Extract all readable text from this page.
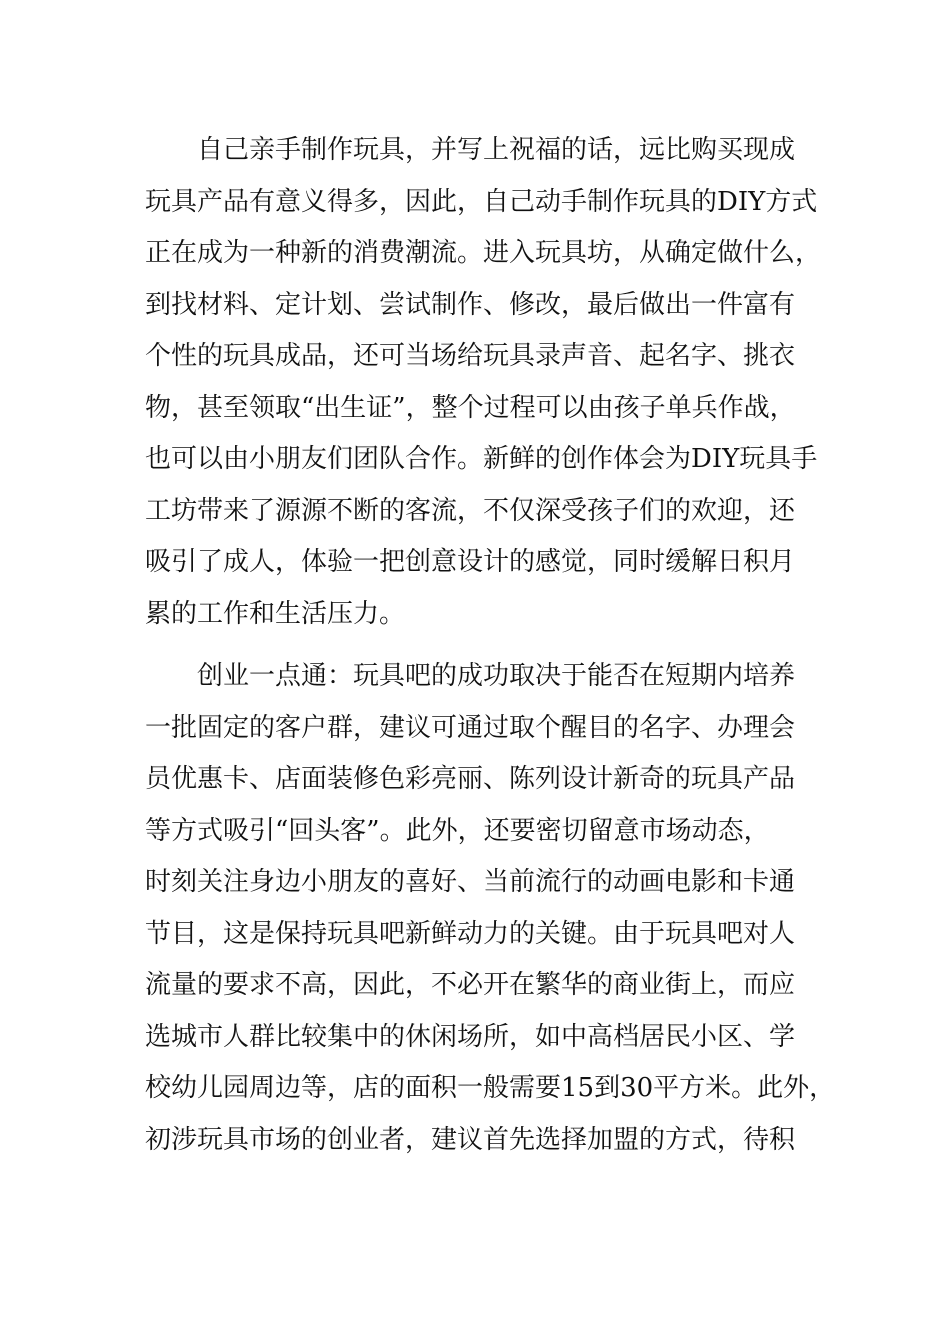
自己亲手制作玩具，并写上祝福的话，远比购买现成
玩具产品有意义得多，因此，自己动手制作玩具的DIY方式
正在成为一种新的消费潮流。进入玩具坊，从确定做什么，
到找材料、定计划、尝试制作、修改，最后做出一件富有
个性的玩具成品，还可当场给玩具录声音、起名字、挑衣
物，甚至领取“出生证”，整个过程可以由孩子单兵作战，
也可以由小朋友们团队合作。新鲜的创作体会为DIY玩具手
工坊带来了源源不断的客流，不仅深受孩子们的欢迎，还
吸引了成人，体验一把创意设计的感觉，同时缓解日积月
累的工作和生活压力。

创业一点通：玩具吧的成功取决于能否在短期内培养
一批固定的客户群，建议可通过取个醒目的名字、办理会
员优惠卡、店面装修色彩亮丽、陈列设计新奇的玩具产品
等方式吸引“回头客”。此外，还要密切留意市场动态，
时刻关注身边小朋友的喜好、当前流行的动画电影和卡通
节目，这是保持玩具吧新鲜动力的关键。由于玩具吧对人
流量的要求不高，因此，不必开在繁华的商业街上，而应
选城市人群比较集中的休闲场所，如中高档居民小区、学
校幼儿园周边等，店的面积一般需要15到30平方米。此外，
初涉玩具市场的创业者，建议首先选择加盟的方式，待积
